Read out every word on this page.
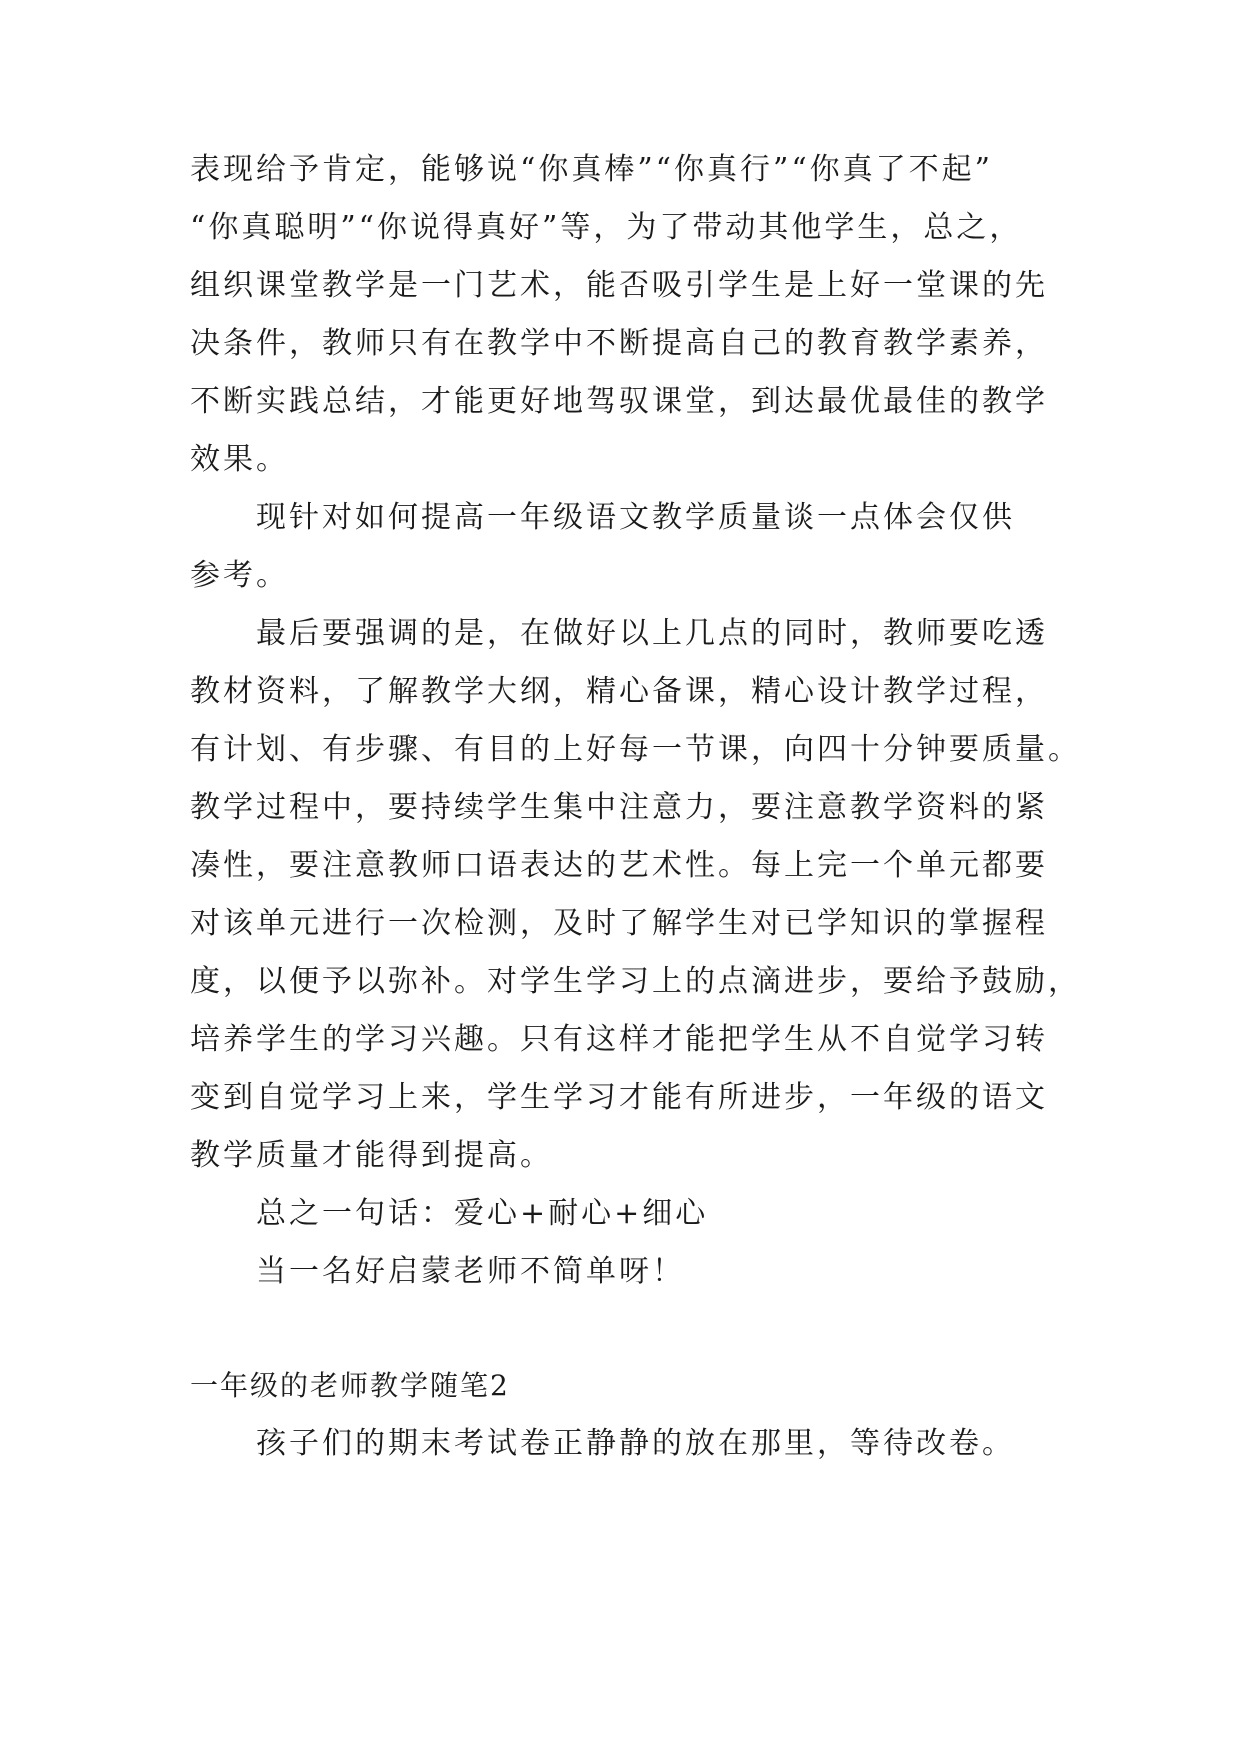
表现给予肯定，能够说“你真棒”“你真行”“你真了不起”
“你真聪明”“你说得真好”等，为了带动其他学生，总之，
组织课堂教学是一门艺术，能否吸引学生是上好一堂课的先
决条件，教师只有在教学中不断提高自己的教育教学素养，
不断实践总结，才能更好地驾驭课堂，到达最优最佳的教学
效果。
现针对如何提高一年级语文教学质量谈一点体会仅供
参考。
最后要强调的是，在做好以上几点的同时，教师要吃透
教材资料，了解教学大纲，精心备课，精心设计教学过程，
有计划、有步骤、有目的上好每一节课，向四十分钟要质量。
教学过程中，要持续学生集中注意力，要注意教学资料的紧
凑性，要注意教师口语表达的艺术性。每上完一个单元都要
对该单元进行一次检测，及时了解学生对已学知识的掌握程
度，以便予以弥补。对学生学习上的点滴进步，要给予鼓励，
培养学生的学习兴趣。只有这样才能把学生从不自觉学习转
变到自觉学习上来，学生学习才能有所进步，一年级的语文
教学质量才能得到提高。
总之一句话：爱心+耐心+细心
当一名好启蒙老师不简单呀！
一年级的老师教学随笔2
孩子们的期末考试卷正静静的放在那里，等待改卷。
